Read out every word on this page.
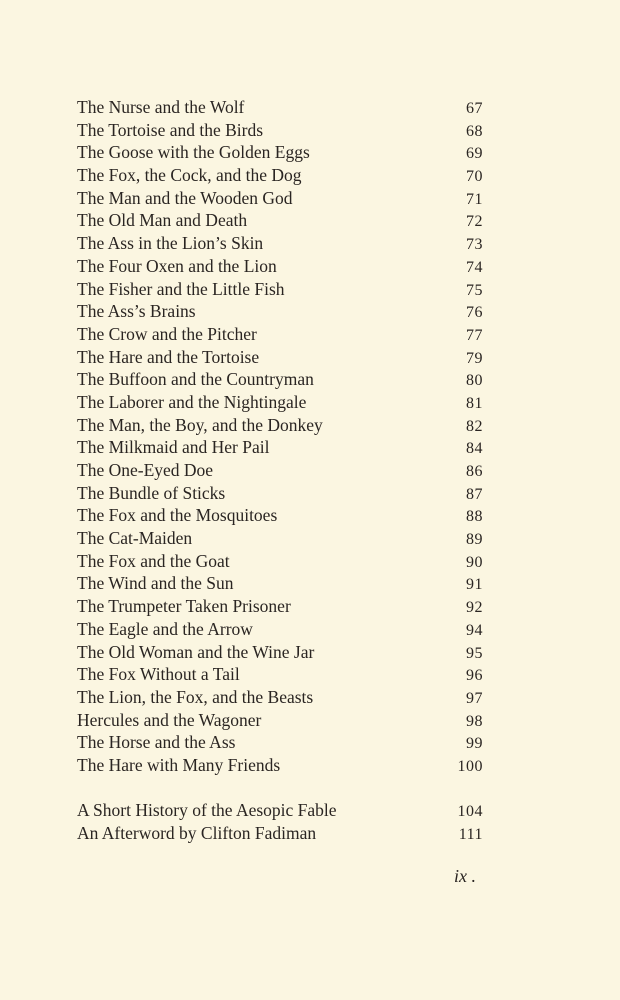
The Nurse and the Wolf	67
The Tortoise and the Birds	68
The Goose with the Golden Eggs	69
The Fox, the Cock, and the Dog	70
The Man and the Wooden God	71
The Old Man and Death	72
The Ass in the Lion’s Skin	73
The Four Oxen and the Lion	74
The Fisher and the Little Fish	75
The Ass’s Brains	76
The Crow and the Pitcher	77
The Hare and the Tortoise	79
The Buffoon and the Countryman	80
The Laborer and the Nightingale	81
The Man, the Boy, and the Donkey	82
The Milkmaid and Her Pail	84
The One-Eyed Doe	86
The Bundle of Sticks	87
The Fox and the Mosquitoes	88
The Cat-Maiden	89
The Fox and the Goat	90
The Wind and the Sun	91
The Trumpeter Taken Prisoner	92
The Eagle and the Arrow	94
The Old Woman and the Wine Jar	95
The Fox Without a Tail	96
The Lion, the Fox, and the Beasts	97
Hercules and the Wagoner	98
The Horse and the Ass	99
The Hare with Many Friends	100
A Short History of the Aesopic Fable	104
An Afterword by Clifton Fadiman	111
ix .
